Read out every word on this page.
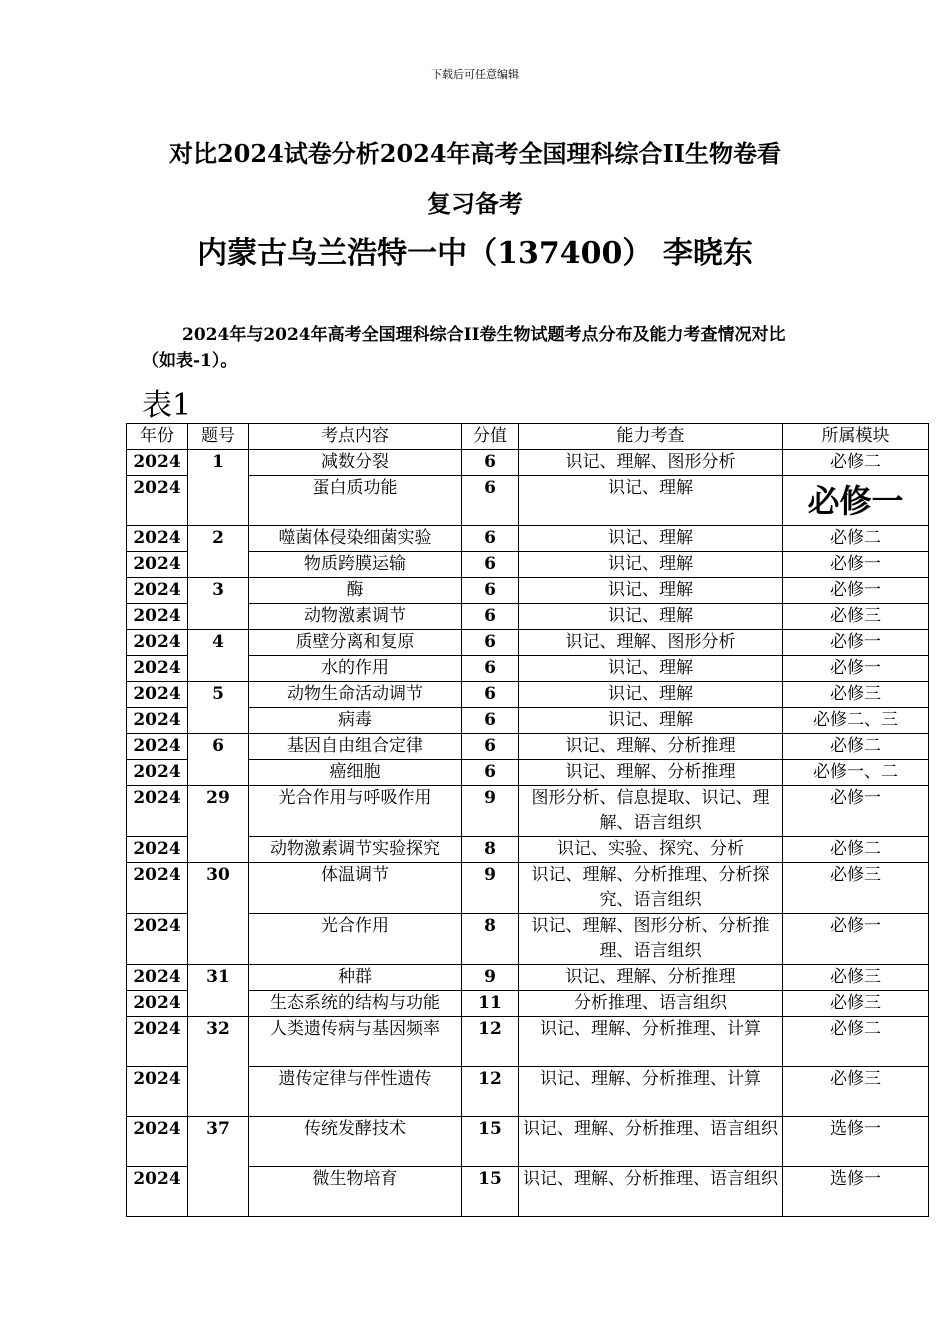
下载后可任意编辑
对比2024试卷分析2024年高考全国理科综合II生物卷看
复习备考
内蒙古乌兰浩特一中（137400） 李晓东
2024年与2024年高考全国理科综合II卷生物试题考点分布及能力考查情况对比（如表-1）。
表1
年份	题号	考点内容	分值	能力考查	所属模块
2024	1	减数分裂	6	识记、理解、图形分析	必修二
2024		蛋白质功能	6	识记、理解	必修一
2024	2	噬菌体侵染细菌实验	6	识记、理解	必修二
2024		物质跨膜运输	6	识记、理解	必修一
2024	3	酶	6	识记、理解	必修一
2024		动物激素调节	6	识记、理解	必修三
2024	4	质壁分离和复原	6	识记、理解、图形分析	必修一
2024		水的作用	6	识记、理解	必修一
2024	5	动物生命活动调节	6	识记、理解	必修三
2024		病毒	6	识记、理解	必修二、三
2024	6	基因自由组合定律	6	识记、理解、分析推理	必修二
2024		癌细胞	6	识记、理解、分析推理	必修一、二
2024	29	光合作用与呼吸作用	9	图形分析、信息提取、识记、理解、语言组织	必修一
2024		动物激素调节实验探究	8	识记、实验、探究、分析	必修二
2024	30	体温调节	9	识记、理解、分析推理、分析探究、语言组织	必修三
2024		光合作用	8	识记、理解、图形分析、分析推理、语言组织	必修一
2024	31	种群	9	识记、理解、分析推理	必修三
2024		生态系统的结构与功能	11	分析推理、语言组织	必修三
2024	32	人类遗传病与基因频率	12	识记、理解、分析推理、计算	必修二
2024		遗传定律与伴性遗传	12	识记、理解、分析推理、计算	必修三
2024	37	传统发酵技术	15	识记、理解、分析推理、语言组织	选修一
2024		微生物培育	15	识记、理解、分析推理、语言组织	选修一
